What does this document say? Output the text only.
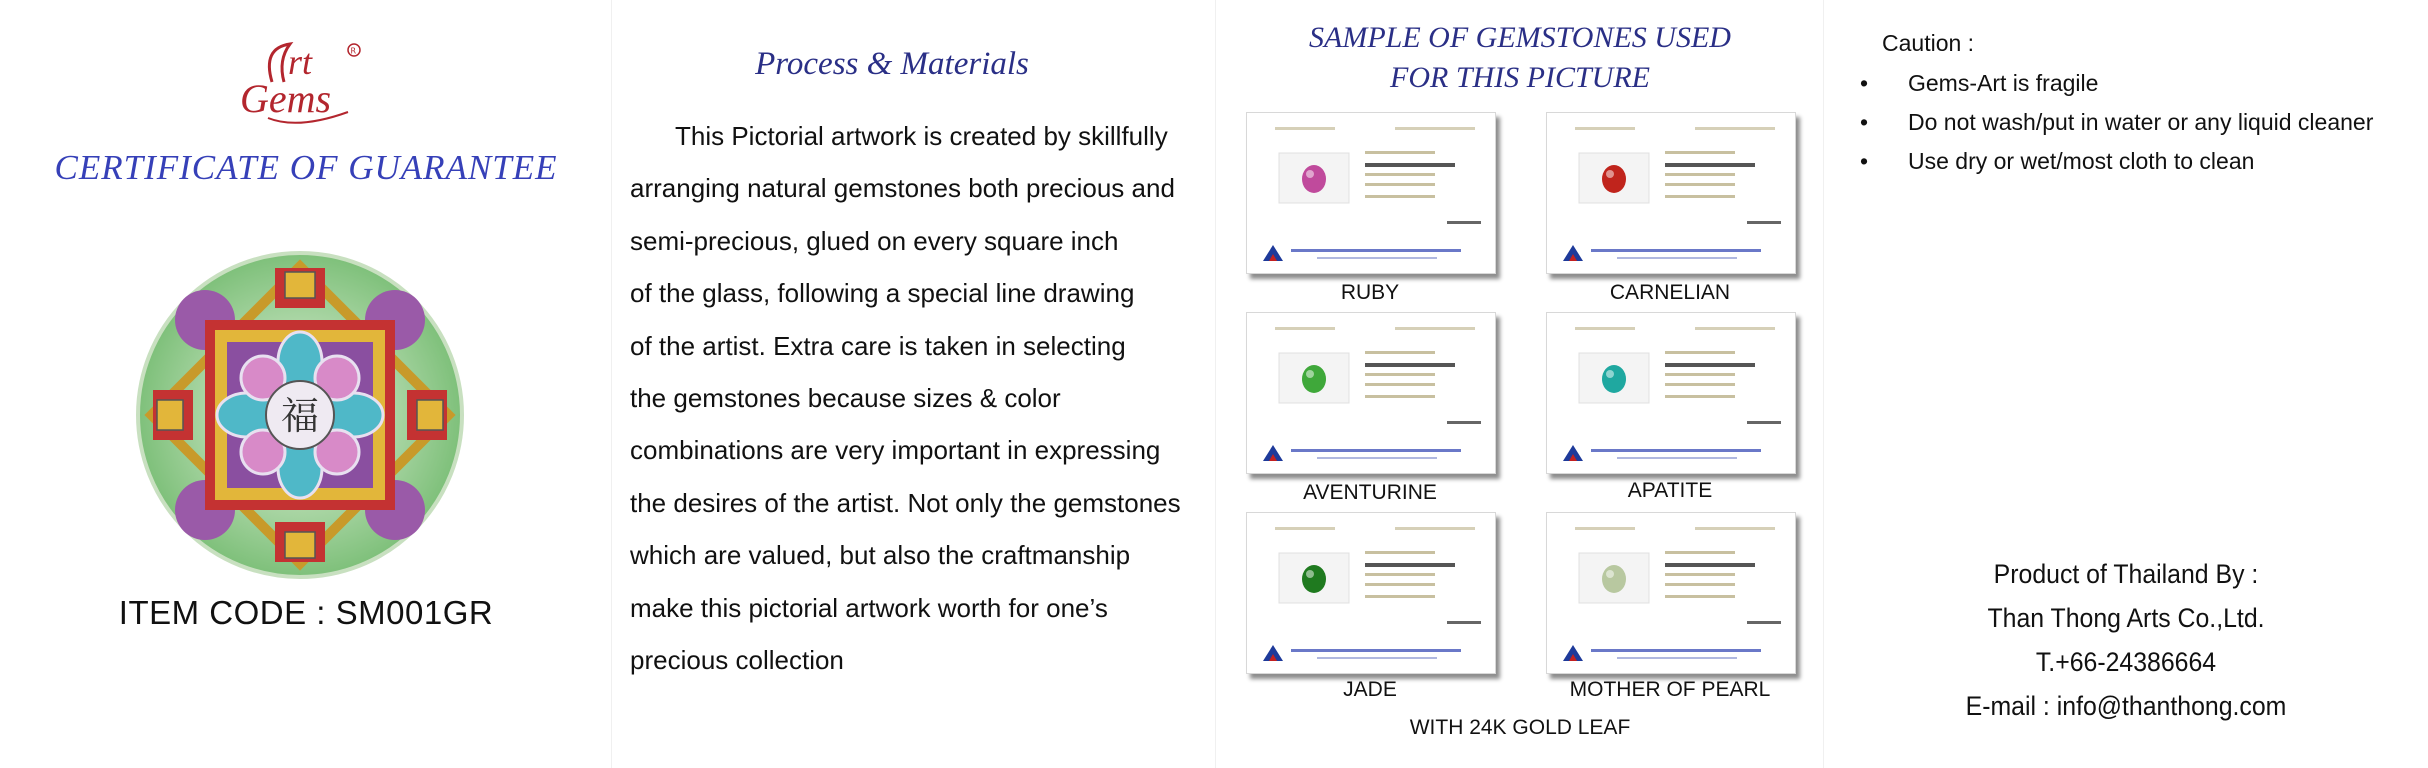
rt
Gems
R
CERTIFICATE OF GUARANTEE
福
ITEM CODE : SM001GR
Process & Materials

This Pictorial artwork is created by skillfully
arranging natural gemstones both precious and
semi-precious, glued on every square inch
of the glass, following a special line drawing
of the artist. Extra care is taken in selecting
the gemstones because sizes & color
combinations are very important in expressing
the desires of the artist. Not only the gemstones
which are valued, but also the craftmanship
make this pictorial artwork worth for one’s
precious collection

SAMPLE OF GEMSTONES USED
FOR THIS PICTURE
RUBY	CARNELIAN
AVENTURINE	APATITE
JADE	MOTHER OF PEARL
WITH 24K GOLD LEAF
Caution :
• Gems-Art is fragile
• Do not wash/put in water or any liquid cleaner
• Use dry or wet/most cloth to clean
Product of Thailand By :
Than Thong Arts Co.,Ltd.
T.+66-24386664
E-mail : info@thanthong.com
